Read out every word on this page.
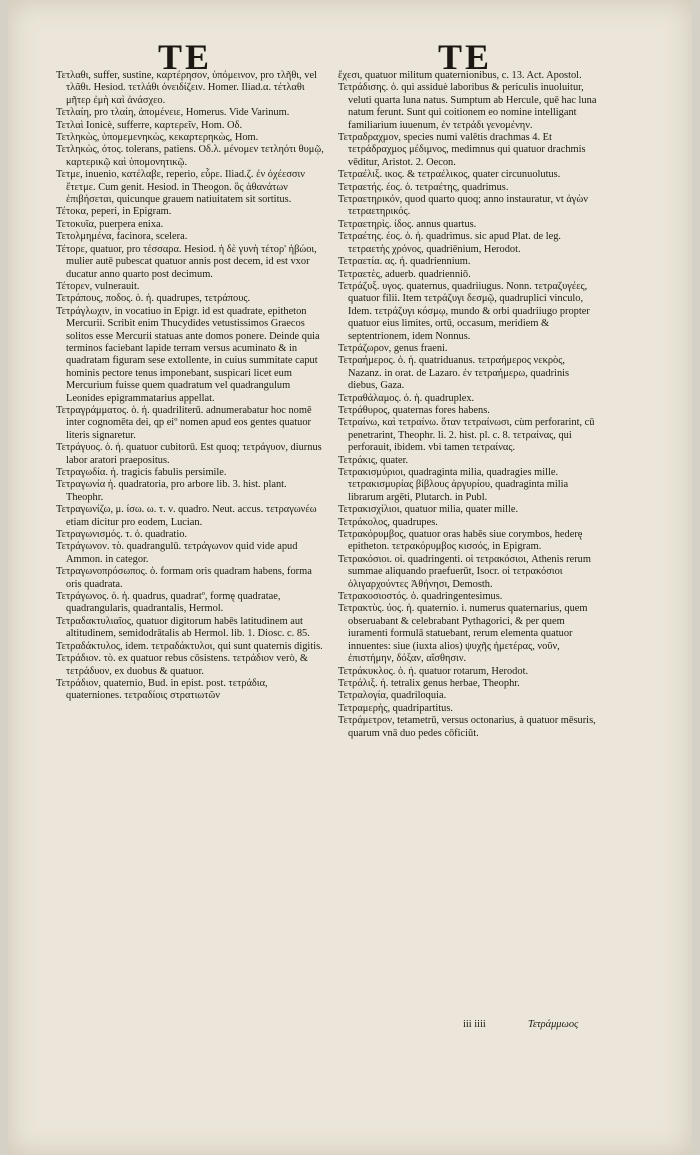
TE	TE

Τετλαθι, suffer, sustine, καρτέρησον, ὑπόμεινον, pro τλῆθι, vel τλᾶθι. Hesiod. τετλάθι ὀνειδίζειν. Homer. Iliad.α. τέτλαθι μῆτερ ἐμὴ καὶ ἀνάσχεο.

Τετλαίη, pro τλαίη, ἀπομένειε, Homerus. Vide Varinum.

Τετλαὶ Ionicè, sufferre, καρτερεῖν, Hom. Οδ.

Τετληκὼς, ὑπομεμενηκὼς, κεκαρτερηκὼς, Hom.

Τετληκὼς, ότος. tolerans, patiens. Οδ.λ. μένομεν τετληότι θυμῷ, καρτερικῷ καὶ ὑπομονητικῷ.

Τετμε, inuenio, κατέλαβε, reperio, εὗρε. Iliad.ζ. ἐν ὀχέεσσιν ἔτετμε. Cum genit. Hesiod. in Theogon. ὃς ἀθανάτων ἐπιβήσεται, quicunque grauem natiuitatem sit sortitus.

Τέτοκα, peperi, in Epigram.

Τετοκυῖα, puerpera enixa.

Τετολμημένα, facinora, scelera.

Τέτορε, quatuor, pro τέσσαρα. Hesiod. ἡ δὲ γυνὴ τέτορ' ἡβώοι, mulier autē pubescat quatuor annis post decem, id est vxor ducatur anno quarto post decimum.

Τέτορεν, vulnerauit.

Τετράπους, ποδος. ὁ. ἡ. quadrupes, τετράπους.

Τετράγλωχιν, in vocatiuo in Epigr. id est quadrate, epitheton Mercurii. Scribit enim Thucydides vetustissimos Graecos solitos esse Mercurii statuas ante domos ponere. Deinde quia terminos faciebant lapide terram versus acuminato & in quadratam figuram sese extollente, in cuius summitate caput hominis pectore tenus imponebant, suspicari licet eum Mercurium fuisse quem quadratum vel quadrangulum Leonides epigrammatarius appellat.

Τετραγράμματος. ὁ. ἡ. quadriliterū. adnumerabatur hoc nomē inter cognomēta dei, qp eiº nomen apud eos gentes quatuor literis signaretur.

Τετράγυος. ὁ. ἡ. quatuor cubitorū. Est quoq; τετράγυον, diurnus labor aratori praepositus.

Τετραγωδία. ἡ. tragicis fabulis persimile.

Τετραγωνία ἡ. quadratoria, pro arbore lib. 3. hist. plant. Theophr.

Τετραγωνίζω, μ. ίσω. ω. τ. ν. quadro. Neut. accus. τετραγωνέω etiam dicitur pro eodem, Lucian.

Τετραγωνισμός. τ. ὁ. quadratio.

Τετράγωνον. τὸ. quadrangulū. τετράγωνον quid vide apud Ammon. in categor.

Τετραγωνοπρόσωπος. ὁ. formam oris quadram habens, forma oris quadrata.

Τετράγωνος. ὁ. ἡ. quadrus, quadratº, formę quadratae, quadrangularis, quadrantalis, Hermol.

Τετραδακτυλιαῖος, quatuor digitorum habēs latitudinem aut altitudinem, semidodrātalis ab Hermol. lib. 1. Diosc. c. 85.

Τετραδάκτυλος, idem. τετραδάκτυλοι, qui sunt quaternis digitis.

Τετράδιον. τὸ. ex quatuor rebus cōsistens. τετράδιον verò, & τετράδυον, ex duobus & quatuor.

Τετράδιον, quaternio, Bud. in epist. post. τετράδια, quaterniones. τετραδίοις στρατιωτῶν

ἔχεσι, quatuor militum quaternionibus, c. 13. Act. Apostol.

Τετράδισης. ὁ. qui assiduè laboribus & periculis inuoluitur, veluti quarta luna natus. Sumptum ab Hercule, quē hac luna natum ferunt. Sunt qui coitionem eo nomine intelligant familiarium iuuenum, ἐν τετράδι γενομένην.

Τετραδραχμον, species numi valētis drachmas 4. Et τετράδραχμος μέδιμνος, medimnus qui quatuor drachmis vēditur, Aristot. 2. Oecon.

Τετραέλιξ. ικος. & τετραέλικος, quater circunuolutus.

Τετραετής. έος. ὁ. τετραέτης, quadrimus.

Τετραετηρικόν, quod quarto quoq; anno instauratur, vt ἀγὼν τετραετηρικός.

Τετραετηρὶς. ίδος. annus quartus.

Τετραέτης. έος. ὁ. ἡ. quadrimus. sic apud Plat. de leg. τετραετὴς χρόνος, quadriēnium, Herodot.

Τετραετία. ας. ἡ. quadriennium.

Τετραετὲς, aduerb. quadrienniō.

Τετράζυξ. υγος. quaternus, quadriiugus. Nonn. τετραζυγέες, quatuor filii. Item τετράζυγι δεσμῷ, quadruplici vinculo, Idem. τετράζυγι κόσμῳ, mundo & orbi quadriiugo propter quatuor eius limites, ortū, occasum, meridiem & septentrionem, idem Nonnus.

Τετράζωρον, genus fraeni.

Τετραήμερος. ὁ. ἡ. quatriduanus. τετραήμερος νεκρὸς, Nazanz. in orat. de Lazaro. ἐν τετραήμερω, quadrinis diebus, Gaza.

Τετραθάλαμος. ὁ. ἡ. quadruplex.

Τετράθυρος, quaternas fores habens.

Τετραίνω, καὶ τετραίνω. ὅταν τετραίνωσι, cùm perforarint, cū penetrarint, Theophr. li. 2. hist. pl. c. 8. τετραίνας, qui perforauit, ibidem. vbi tamen τετραίνας.

Τετράκις, quater.

Τετρακισμύριοι, quadraginta milia, quadragies mille. τετρακισμυρίας βίβλους ἀργυρίου, quadraginta milia librarum argēti, Plutarch. in Publ.

Τετρακισχίλιοι, quatuor milia, quater mille.

Τετράκολος, quadrupes.

Τετρακόρυμβος, quatuor oras habēs siue corymbos, hederę epitheton. τετρακόρυμβος κισσός, in Epigram.

Τετρακόσιοι. οἱ. quadringenti. οἱ τετρακόσιοι, Athenis rerum summae aliquando praefuerūt, Isocr. οἱ τετρακόσιοι ὀλιγαρχούντες Ἀθήνησι, Demosth.

Τετρακοσιοστός. ὁ. quadringentesimus.

Τετρακτὺς. ύος. ἡ. quaternio. i. numerus quaternarius, quem obseruabant & celebrabant Pythagorici, & per quem iuramenti formulā statuebant, rerum elementa quatuor innuentes: siue (iuxta alios) ψυχῆς ἡμετέρας, νοῦν, ἐπιστήμην, δόξαν, αἴσθησιν.

Τετράκυκλος. ὁ. ἡ. quatuor rotarum, Herodot.

Τετράλιξ. ἡ. tetralix genus herbae, Theophr.

Τετραλογία, quadriloquia.

Τετραμερὴς, quadripartitus.

Τετράμετρον, tetametrū, versus octonarius, à quatuor mēsuris, quarum vnā duo pedes cōficiūt.

iii iiii	Τετράμμωος
